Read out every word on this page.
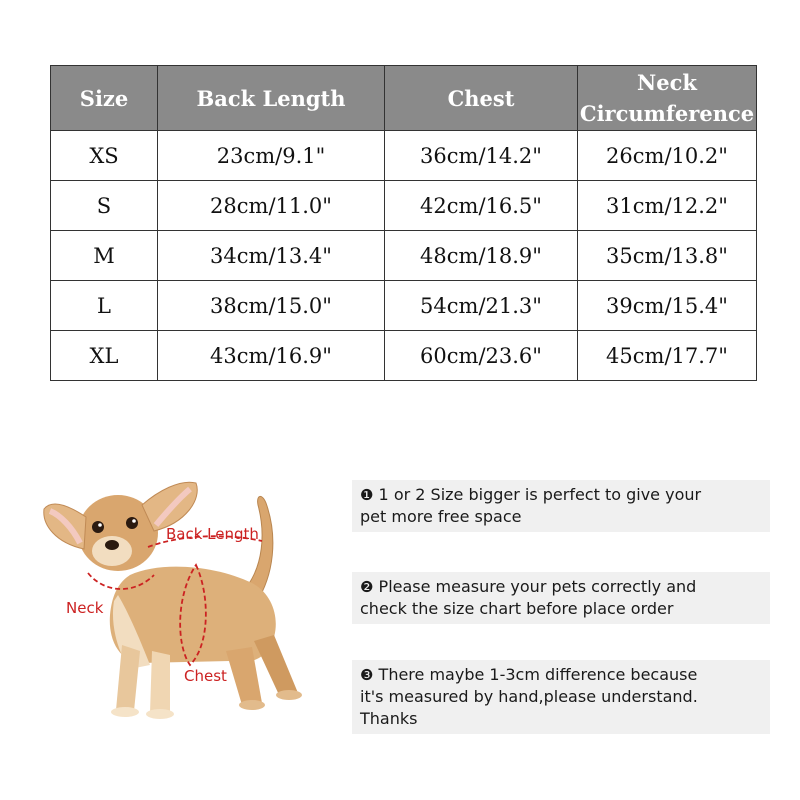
Size	Back Length	Chest	Neck
Circumference
XS	23cm/9.1"	36cm/14.2"	26cm/10.2"
S	28cm/11.0"	42cm/16.5"	31cm/12.2"
M	34cm/13.4"	48cm/18.9"	35cm/13.8"
L	38cm/15.0"	54cm/21.3"	39cm/15.4"
XL	43cm/16.9"	60cm/23.6"	45cm/17.7"
Back Length
Neck
Chest
❶ 1 or 2 Size bigger is perfect to give your
pet more free space
❷ Please measure your pets correctly and
check the size chart before place order
❸ There maybe 1-3cm difference because
it's measured by hand,please understand.
Thanks
